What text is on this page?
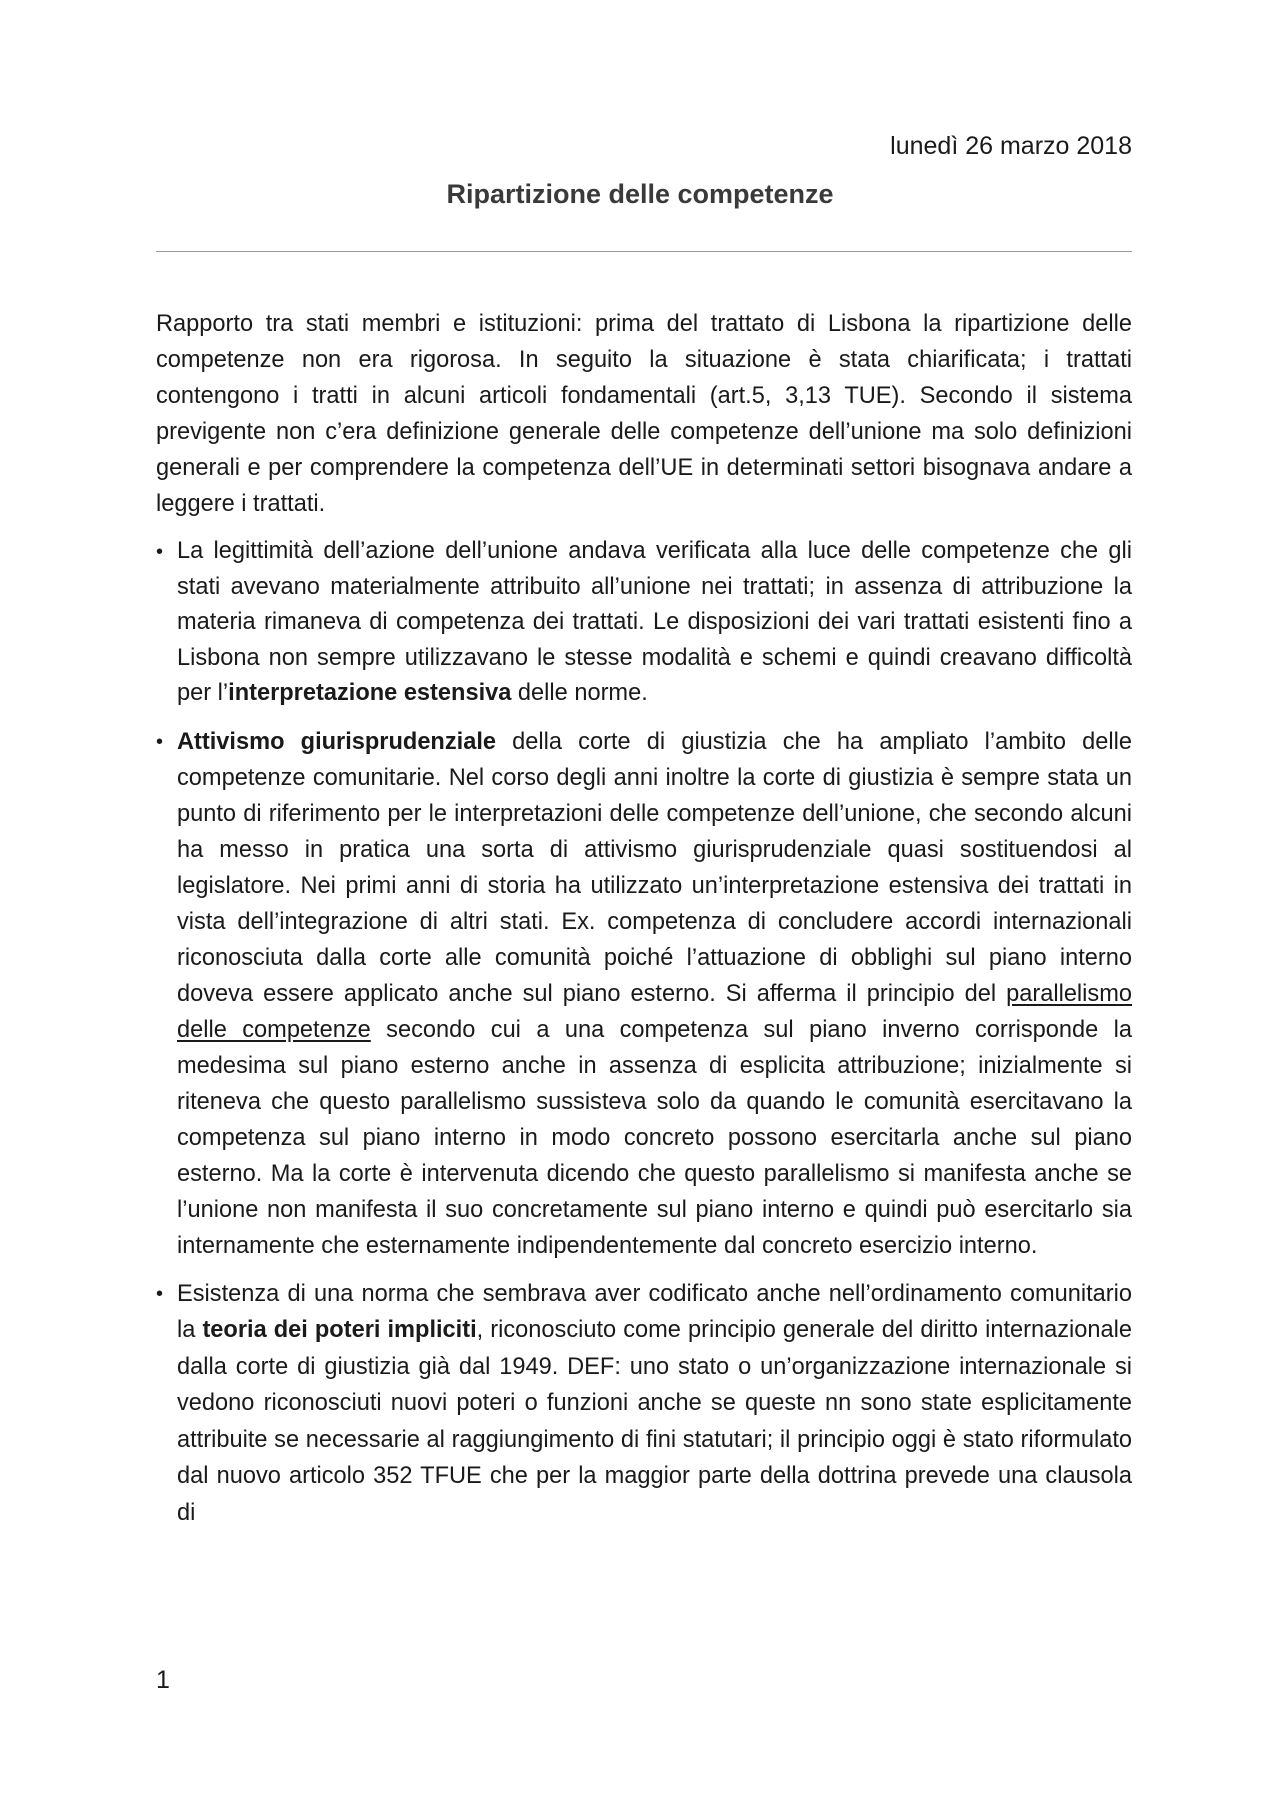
lunedì 26 marzo 2018
Ripartizione delle competenze

Rapporto tra stati membri e istituzioni: prima del trattato di Lisbona la ripartizione delle competenze non era rigorosa. In seguito la situazione è stata chiarificata; i trattati contengono i tratti in alcuni articoli fondamentali (art.5, 3,13 TUE). Secondo il sistema previgente non c’era definizione generale delle competenze dell’unione ma solo definizioni generali e per comprendere la competenza dell’UE in determinati settori bisognava andare a leggere i trattati.

• La legittimità dell’azione dell’unione andava verificata alla luce delle competenze che gli stati avevano materialmente attribuito all’unione nei trattati; in assenza di attribuzione la materia rimaneva di competenza dei trattati. Le disposizioni dei vari trattati esistenti fino a Lisbona non sempre utilizzavano le stesse modalità e schemi e quindi creavano difficoltà per l’interpretazione estensiva delle norme.

• Attivismo giurisprudenziale della corte di giustizia che ha ampliato l’ambito delle competenze comunitarie. Nel corso degli anni inoltre la corte di giustizia è sempre stata un punto di riferimento per le interpretazioni delle competenze dell’unione, che secondo alcuni ha messo in pratica una sorta di attivismo giurisprudenziale quasi sostituendosi al legislatore. Nei primi anni di storia ha utilizzato un’interpretazione estensiva dei trattati in vista dell’integrazione di altri stati. Ex. competenza di concludere accordi internazionali riconosciuta dalla corte alle comunità poiché l’attuazione di obblighi sul piano interno doveva essere applicato anche sul piano esterno. Si afferma il principio del parallelismo delle competenze secondo cui a una competenza sul piano inverno corrisponde la medesima sul piano esterno anche in assenza di esplicita attribuzione; inizialmente si riteneva che questo parallelismo sussisteva solo da quando le comunità esercitavano la competenza sul piano interno in modo concreto possono esercitarla anche sul piano esterno. Ma la corte è intervenuta dicendo che questo parallelismo si manifesta anche se l’unione non manifesta il suo concretamente sul piano interno e quindi può esercitarlo sia internamente che esternamente indipendentemente dal concreto esercizio interno.

• Esistenza di una norma che sembrava aver codificato anche nell’ordinamento comunitario la teoria dei poteri impliciti, riconosciuto come principio generale del diritto internazionale dalla corte di giustizia già dal 1949. DEF: uno stato o un’organizzazione internazionale si vedono riconosciuti nuovi poteri o funzioni anche se queste nn sono state esplicitamente attribuite se necessarie al raggiungimento di fini statutari; il principio oggi è stato riformulato dal nuovo articolo 352 TFUE che per la maggior parte della dottrina prevede una clausola di

1
